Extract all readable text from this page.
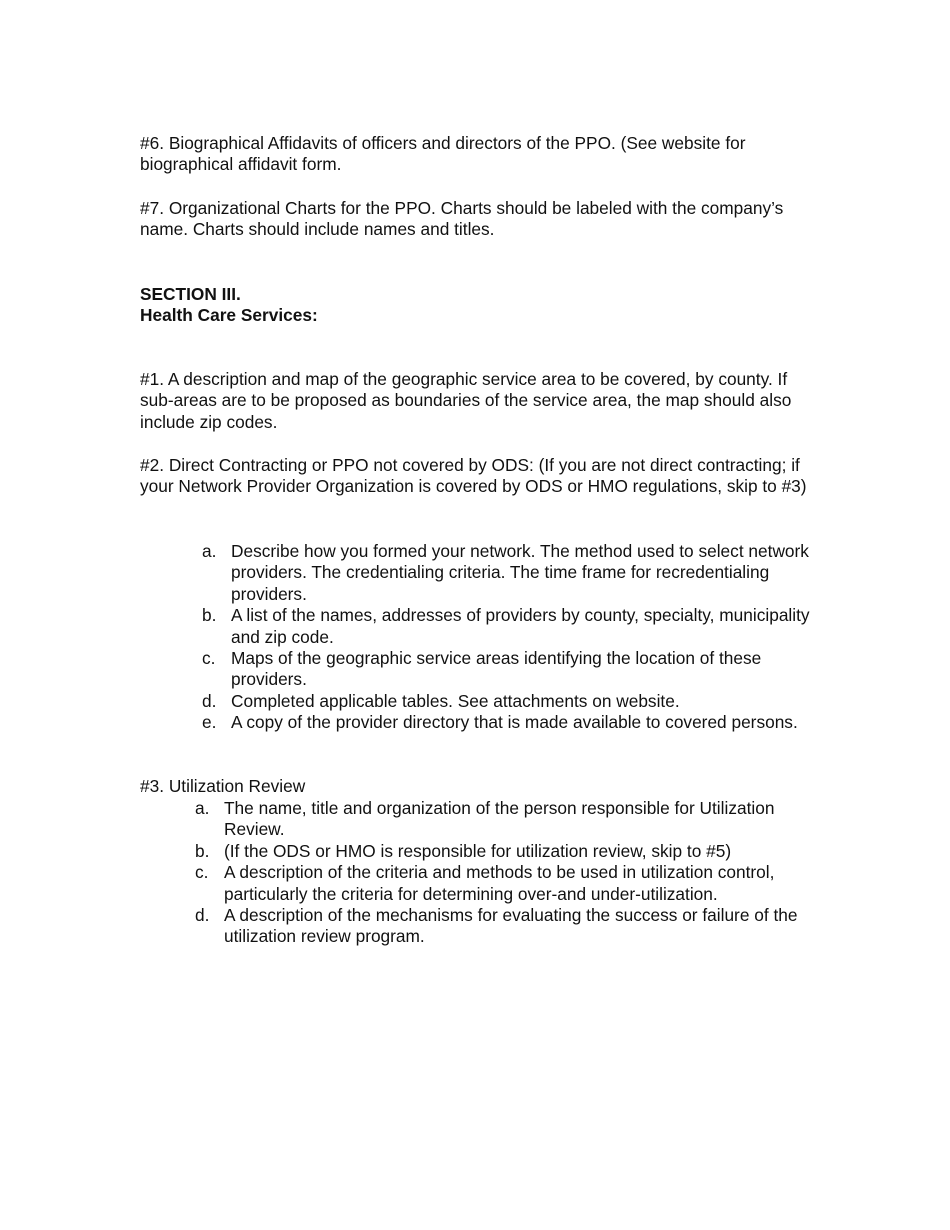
#6. Biographical Affidavits of officers and directors of the PPO. (See website for biographical affidavit form.

#7. Organizational Charts for the PPO. Charts should be labeled with the company’s name. Charts should include names and titles.

SECTION III.

Health Care Services:

#1. A description and map of the geographic service area to be covered, by county. If sub-areas are to be proposed as boundaries of the service area, the map should also include zip codes.

#2. Direct Contracting or PPO not covered by ODS: (If you are not direct contracting; if your Network Provider Organization is covered by ODS or HMO regulations, skip to #3)

a. Describe how you formed your network. The method used to select network providers. The credentialing criteria. The time frame for recredentialing providers.
b. A list of the names, addresses of providers by county, specialty, municipality and zip code.
c. Maps of the geographic service areas identifying the location of these providers.
d. Completed applicable tables. See attachments on website.
e. A copy of the provider directory that is made available to covered persons.

#3. Utilization Review

a. The name, title and organization of the person responsible for Utilization Review.
b. (If the ODS or HMO is responsible for utilization review, skip to #5)
c. A description of the criteria and methods to be used in utilization control, particularly the criteria for determining over-and under-utilization.
d. A description of the mechanisms for evaluating the success or failure of the utilization review program.
